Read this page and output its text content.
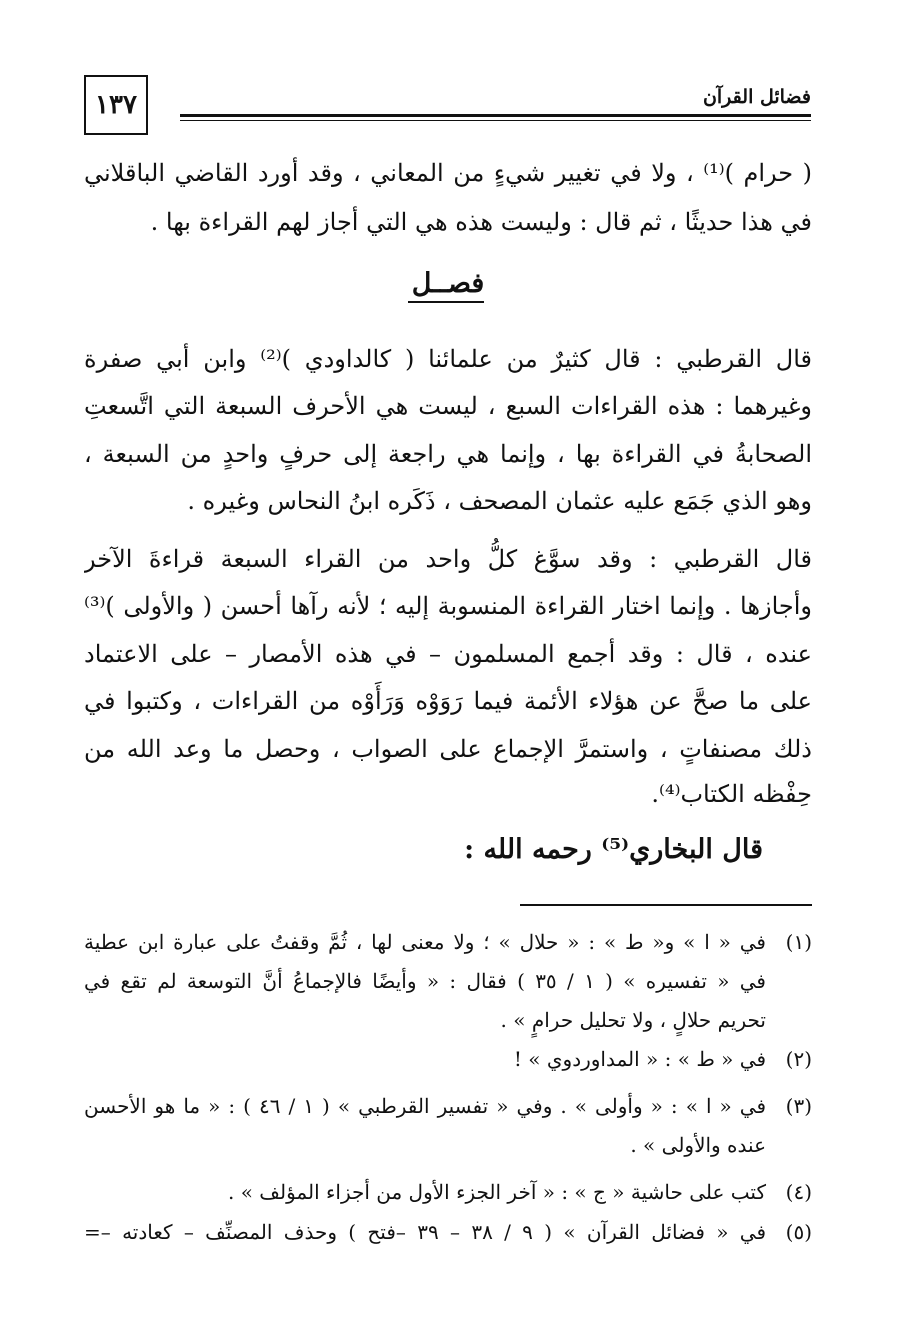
١٣٧	فضائل القرآن
( حرام )⁽¹⁾ ، ولا في تغيير شيءٍ من المعاني ، وقد أورد القاضي الباقلاني
في هذا حديثًا ، ثم قال : وليست هذه هي التي أجاز لهم القراءة بها .
فصــل
قال القرطبي : قال كثيرٌ من علمائنا ( كالداودي )⁽²⁾ وابن أبي صفرة
وغيرهما : هذه القراءات السبع ، ليست هي الأحرف السبعة التي اتَّسعتِ
الصحابةُ في القراءة بها ، وإنما هي راجعة إلى حرفٍ واحدٍ من السبعة ،
وهو الذي جَمَع عليه عثمان المصحف ، ذَكَره ابنُ النحاس وغيره .
قال القرطبي : وقد سوَّغ كلُّ واحد من القراء السبعة قراءةَ الآخر
وأجازها . وإنما اختار القراءة المنسوبة إليه ؛ لأنه رآها أحسن ( والأولى )⁽³⁾
عنده ، قال : وقد أجمع المسلمون – في هذه الأمصار – على الاعتماد
على ما صحَّ عن هؤلاء الأئمة فيما رَوَوْه وَرَأَوْه من القراءات ، وكتبوا في
ذلك مصنفاتٍ ، واستمرَّ الإجماع على الصواب ، وحصل ما وعد الله من
حِفْظه الكتاب⁽⁴⁾.
قال البخاري⁽⁵⁾ رحمه الله :
(١)في « ا » و« ط » : « حلال » ؛ ولا معنى لها ، ثُمَّ وقفتُ على عبارة ابن عطية
في « تفسيره » ( ١ / ٣٥ ) فقال : « وأيضًا فالإجماعُ أنَّ التوسعة لم تقع في
تحريم حلالٍ ، ولا تحليل حرامٍ » .
(٢)في « ط » : « المداوردوي » !
(٣)في « ا » : « وأولى » . وفي « تفسير القرطبي » ( ١ / ٤٦ ) : « ما هو الأحسن
عنده والأولى » .
(٤)كتب على حاشية « ج » : « آخر الجزء الأول من أجزاء المؤلف » .
(٥)في « فضائل القرآن » ( ٩ / ٣٨ – ٣٩ –فتح ) وحذف المصنِّف – كعادته –=
